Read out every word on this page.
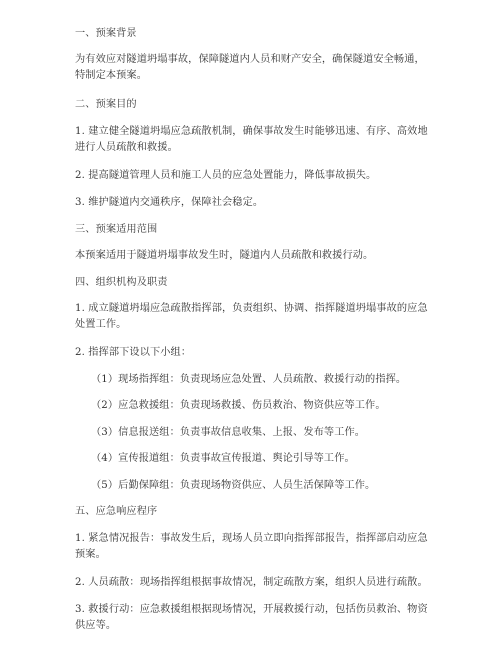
一、预案背景
为有效应对隧道坍塌事故，保障隧道内人员和财产安全，确保隧道安全畅通，特制定本预案。
二、预案目的
1. 建立健全隧道坍塌应急疏散机制，确保事故发生时能够迅速、有序、高效地进行人员疏散和救援。
2. 提高隧道管理人员和施工人员的应急处置能力，降低事故损失。
3. 维护隧道内交通秩序，保障社会稳定。
三、预案适用范围
本预案适用于隧道坍塌事故发生时，隧道内人员疏散和救援行动。
四、组织机构及职责
1. 成立隧道坍塌应急疏散指挥部，负责组织、协调、指挥隧道坍塌事故的应急处置工作。
2. 指挥部下设以下小组：
（1）现场指挥组：负责现场应急处置、人员疏散、救援行动的指挥。
（2）应急救援组：负责现场救援、伤员救治、物资供应等工作。
（3）信息报送组：负责事故信息收集、上报、发布等工作。
（4）宣传报道组：负责事故宣传报道、舆论引导等工作。
（5）后勤保障组：负责现场物资供应、人员生活保障等工作。
五、应急响应程序
1. 紧急情况报告：事故发生后，现场人员立即向指挥部报告，指挥部启动应急预案。
2. 人员疏散：现场指挥组根据事故情况，制定疏散方案，组织人员进行疏散。
3. 救援行动：应急救援组根据现场情况，开展救援行动，包括伤员救治、物资供应等。
